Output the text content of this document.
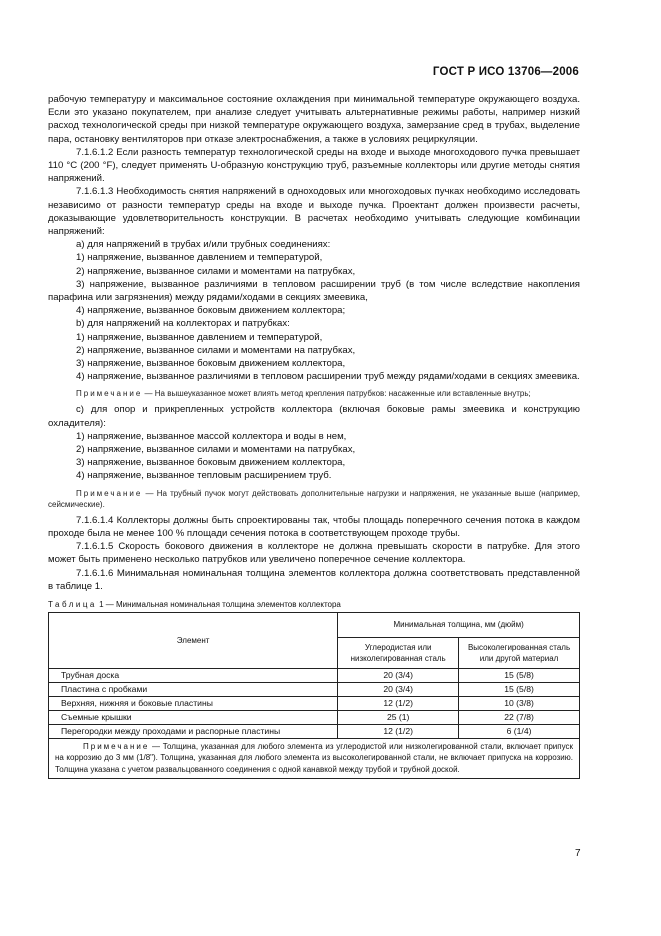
ГОСТ Р ИСО 13706—2006

рабочую температуру и максимальное состояние охлаждения при минимальной температуре окружающего воздуха. Если это указано покупателем, при анализе следует учитывать альтернативные режимы работы, например низкий расход технологической среды при низкой температуре окружающего воздуха, замерзание сред в трубах, выделение пара, остановку вентиляторов при отказе электроснабжения, а также в условиях рециркуляции.

7.1.6.1.2 Если разность температур технологической среды на входе и выходе многоходового пучка превышает 110 °C (200 °F), следует применять U-образную конструкцию труб, разъемные коллекторы или другие методы снятия напряжений.

7.1.6.1.3 Необходимость снятия напряжений в одноходовых или многоходовых пучках необходимо исследовать независимо от разности температур среды на входе и выходе пучка. Проектант должен произвести расчеты, доказывающие удовлетворительность конструкции. В расчетах необходимо учитывать следующие комбинации напряжений:

а) для напряжений в трубах и/или трубных соединениях:

1) напряжение, вызванное давлением и температурой,

2) напряжение, вызванное силами и моментами на патрубках,

3) напряжение, вызванное различиями в тепловом расширении труб (в том числе вследствие накопления парафина или загрязнения) между рядами/ходами в секциях змеевика,

4) напряжение, вызванное боковым движением коллектора;

b) для напряжений на коллекторах и патрубках:

1) напряжение, вызванное давлением и температурой,

2) напряжение, вызванное силами и моментами на патрубках,

3) напряжение, вызванное боковым движением коллектора,

4) напряжение, вызванное различиями в тепловом расширении труб между рядами/ходами в секциях змеевика.

Примечание — На вышеуказанное может влиять метод крепления патрубков: насаженные или вставленные внутрь;

c) для опор и прикрепленных устройств коллектора (включая боковые рамы змеевика и конструкцию охладителя):

1) напряжение, вызванное массой коллектора и воды в нем,

2) напряжение, вызванное силами и моментами на патрубках,

3) напряжение, вызванное боковым движением коллектора,

4) напряжение, вызванное тепловым расширением труб.

Примечание — На трубный пучок могут действовать дополнительные нагрузки и напряжения, не указанные выше (например, сейсмические).

7.1.6.1.4 Коллекторы должны быть спроектированы так, чтобы площадь поперечного сечения потока в каждом проходе была не менее 100 % площади сечения потока в соответствующем проходе трубы.

7.1.6.1.5 Скорость бокового движения в коллекторе не должна превышать скорости в патрубке. Для этого может быть применено несколько патрубков или увеличено поперечное сечение коллектора.

7.1.6.1.6 Минимальная номинальная толщина элементов коллектора должна соответствовать представленной в таблице 1.

Таблица 1 — Минимальная номинальная толщина элементов коллектора

Элемент	Минимальная толщина, мм (дюйм)	
	Углеродистая или низколегированная сталь	Высоколегированная сталь или другой материал
Трубная доска	20 (3/4)	15 (5/8)
Пластина с пробками	20 (3/4)	15 (5/8)
Верхняя, нижняя и боковые пластины	12 (1/2)	10 (3/8)
Съемные крышки	25 (1)	22 (7/8)
Перегородки между проходами и распорные пластины	12 (1/2)	6 (1/4)
Примечание — Толщина, указанная для любого элемента из углеродистой или низколегированной стали, включает припуск на коррозию до 3 мм (1/8"). Толщина, указанная для любого элемента из высоколегированной стали, не включает припуска на коррозию. Толщина указана с учетом развальцованного соединения с одной канавкой между трубой и трубной доской.		
7
